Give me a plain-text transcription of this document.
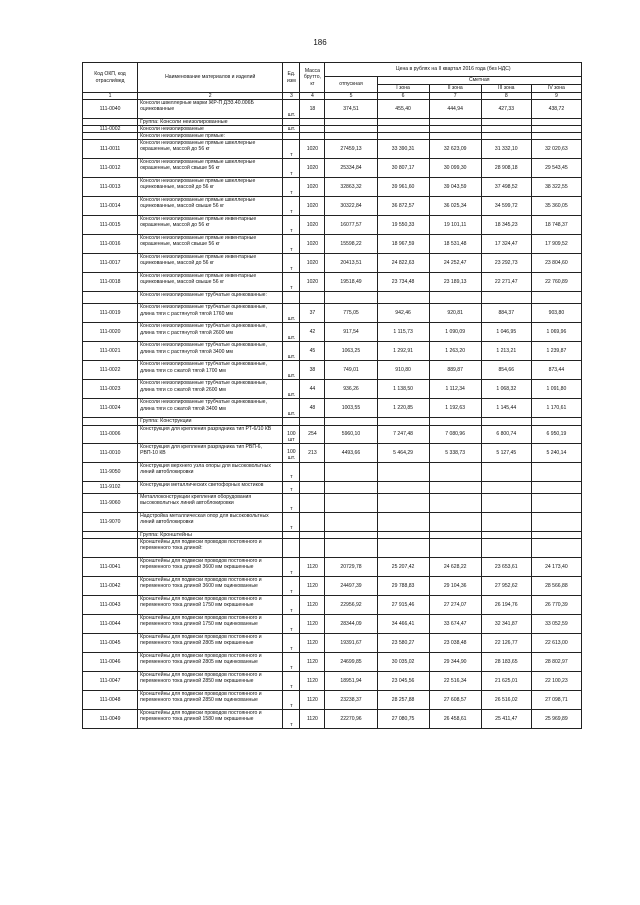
186
Код ОКП, код отрасли/вед	Наименование материалов и изделий	Ед. изм	Масса брутто, кг	Цена в рублях на II квартал 2016 года (без НДС)				
				отпускная	Сметная			
					I зона	II зона	III зона	IV зона
1	2	3	4	5	6	7	8	9
111-0040	Консоли швеллерные марки ЖР-П ДЭ3.40.006Б оцинкованные	шт.	18	374,51	455,40	444,94	427,33	438,72
	Группа: Консоли неизолированные							
111-0002	Консоли неизолированные	шт.						
	Консоли неизолированные прямые:							
111-0011	Консоли неизолированные прямые швеллерные окрашенные, массой до 56 кг	т	1020	27459,13	33 390,31	32 623,09	31 332,10	32 020,63
111-0012	Консоли неизолированные прямые швеллерные окрашенные, массой свыше 56 кг	т	1020	25334,84	30 807,17	30 099,30	28 908,18	29 543,45
111-0013	Консоли неизолированные прямые швеллерные оцинкованные, массой до 56 кг	т	1020	32863,32	39 961,60	39 043,59	37 498,52	38 322,55
111-0014	Консоли неизолированные прямые швеллерные оцинкованные, массой свыше 56 кг	т	1020	30322,84	36 872,57	36 025,34	34 599,72	35 360,05
111-0015	Консоли неизолированные прямые инвентарные окрашенные, массой до 56 кг	т	1020	16077,57	19 550,33	19 101,11	18 345,23	18 748,37
111-0016	Консоли неизолированные прямые инвентарные окрашенные, массой свыше 56 кг	т	1020	15598,22	18 967,59	18 531,48	17 324,47	17 909,52
111-0017	Консоли неизолированные прямые инвентарные оцинкованные, массой до 56 кг	т	1020	20413,51	24 822,63	24 252,47	23 292,73	23 804,60
111-0018	Консоли неизолированные прямые инвентарные оцинкованные, массой свыше 56 кг	т	1020	19518,49	23 734,48	23 189,13	22 271,47	22 760,89
	Консоли неизолированные трубчатые оцинкованные:							
111-0019	Консоли неизолированные трубчатые оцинкованные, длина тяги с растянутой тягой 1760 мм	шт.	37	775,05	942,46	920,81	884,37	903,80
111-0020	Консоли неизолированные трубчатые оцинкованные, длина тяги с растянутой тягой 2600 мм	шт.	42	917,54	1 115,73	1 090,09	1 046,95	1 069,96
111-0021	Консоли неизолированные трубчатые оцинкованные, длина тяги с растянутой тягой 3400 мм	шт.	45	1063,25	1 292,91	1 263,20	1 213,21	1 239,87
111-0022	Консоли неизолированные трубчатые оцинкованные, длина тяги со сжатой тягой 1700 мм	шт.	38	749,01	910,80	889,87	854,66	873,44
111-0023	Консоли неизолированные трубчатые оцинкованные, длина тяги со сжатой тягой 2600 мм	шт.	44	936,26	1 138,50	1 112,34	1 068,32	1 091,80
111-0024	Консоли неизолированные трубчатые оцинкованные, длина тяги со сжатой тягой 3400 мм	шт.	48	1003,55	1 220,85	1 192,63	1 145,44	1 170,61
	Группа: Конструкции							
111-0006	Конструкция для крепления разрядника тип РТ-6/10 КВ	100 шт	254	5960,10	7 247,48	7 080,96	6 800,74	6 950,19
111-0010	Конструкция для крепления разрядника тип РВП-6, РВП-10 КВ	100 шт.	213	4493,66	5 464,29	5 338,73	5 127,45	5 240,14
111-9050	Конструкция верхнего узла опоры для высоковольтных линий автоблокировки	т						
111-9102	Конструкции металлических светофорных мостиков	т						
111-9060	Металлоконструкции крепления оборудования высоковольтных линий автоблокировки	т						
111-9070	Надстройка металлическая опор для высоковольтных линий автоблокировки	т						
	Группа: Кронштейны							
	Кронштейны для подвески проводов постоянного и переменного тока длиной:							
111-0041	Кронштейны для подвески проводов постоянного и переменного тока длиной 3600 мм окрашенные	т	1120	20729,78	25 207,42	24 628,22	23 653,61	24 173,40
111-0042	Кронштейны для подвески проводов постоянного и переменного тока длиной 3600 мм оцинкованные	т	1120	24497,39	29 788,83	29 104,36	27 952,62	28 566,88
111-0043	Кронштейны для подвески проводов постоянного и переменного тока длиной 1750 мм окрашенные	т	1120	22956,92	27 915,46	27 274,07	26 194,76	26 770,39
111-0044	Кронштейны для подвески проводов постоянного и переменного тока длиной 1750 мм оцинкованные	т	1120	28344,09	34 466,41	33 674,47	32 341,87	33 052,59
111-0045	Кронштейны для подвески проводов постоянного и переменного тока длиной 2805 мм окрашенные	т	1120	19391,67	23 580,27	23 038,48	22 126,77	22 613,00
111-0046	Кронштейны для подвески проводов постоянного и переменного тока длиной 2805 мм оцинкованные	т	1120	24699,85	30 035,02	29 344,90	28 183,65	28 802,97
111-0047	Кронштейны для подвески проводов постоянного и переменного тока длиной 2850 мм окрашенные	т	1120	18951,94	23 045,56	22 516,34	21 625,01	22 100,23
111-0048	Кронштейны для подвески проводов постоянного и переменного тока длиной 2850 мм оцинкованные	т	1120	23238,37	28 257,88	27 608,57	26 516,02	27 098,71
111-0049	Кронштейны для подвески проводов постоянного и переменного тока длиной 1580 мм окрашенные	т	1120	22270,96	27 080,75	26 458,61	25 411,47	25 969,89
